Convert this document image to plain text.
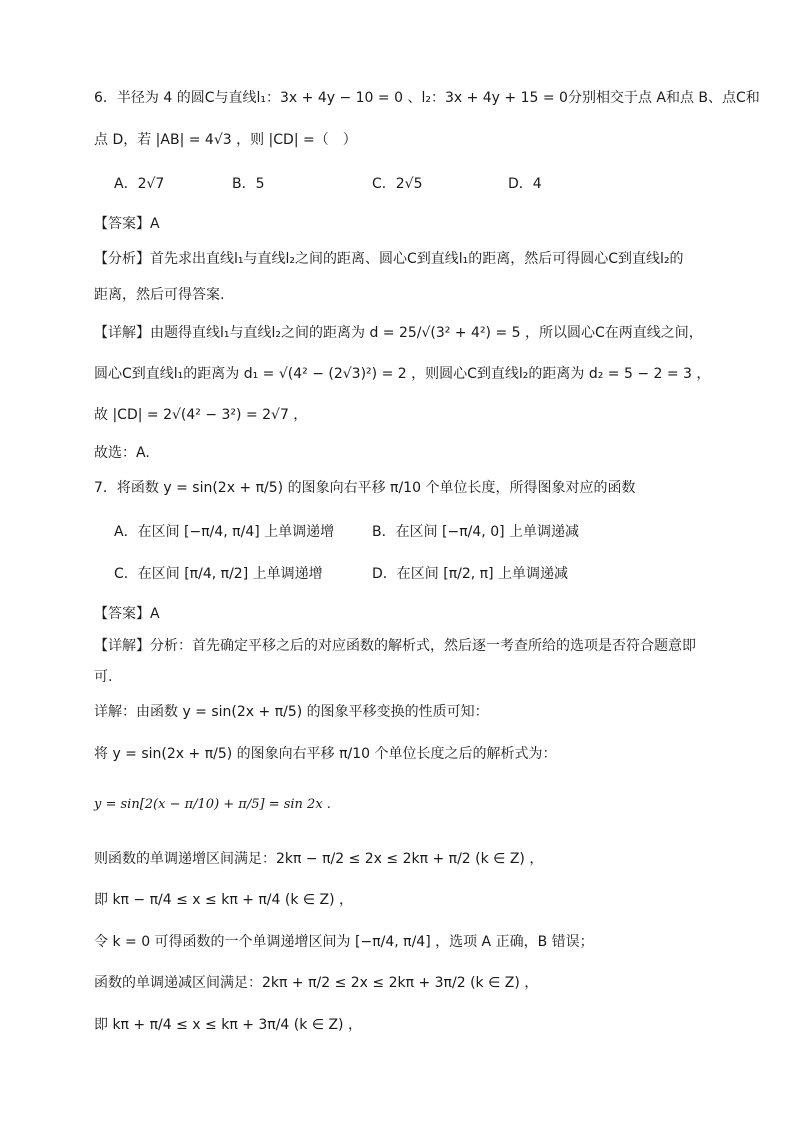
6．半径为 4 的圆C与直线l₁：3x + 4y − 10 = 0 、l₂：3x + 4y + 15 = 0分别相交于点 A和点 B、点C和
点 D，若 |AB| = 4√3 ，则 |CD| =（　）
A．2√7	B．5	C．2√5	D．4
【答案】A
【分析】首先求出直线l₁与直线l₂之间的距离、圆心C到直线l₁的距离，然后可得圆心C到直线l₂的
距离，然后可得答案.
【详解】由题得直线l₁与直线l₂之间的距离为 d = 25/√(3² + 4²) = 5 ，所以圆心C在两直线之间，
圆心C到直线l₁的距离为 d₁ = √(4² − (2√3)²) = 2 ，则圆心C到直线l₂的距离为 d₂ = 5 − 2 = 3 ，
故 |CD| = 2√(4² − 3²) = 2√7 ，
故选：A.
7．将函数 y = sin(2x + π/5) 的图象向右平移 π/10 个单位长度，所得图象对应的函数
A．在区间 [−π/4, π/4] 上单调递增	B．在区间 [−π/4, 0] 上单调递减
C．在区间 [π/4, π/2] 上单调递增	D．在区间 [π/2, π] 上单调递减
【答案】A
【详解】分析：首先确定平移之后的对应函数的解析式，然后逐一考查所给的选项是否符合题意即
可.
详解：由函数 y = sin(2x + π/5) 的图象平移变换的性质可知：
将 y = sin(2x + π/5) 的图象向右平移 π/10 个单位长度之后的解析式为：
y = sin[2(x − π/10) + π/5] = sin 2x .
则函数的单调递增区间满足：2kπ − π/2 ≤ 2x ≤ 2kπ + π/2 (k ∈ Z) ，
即 kπ − π/4 ≤ x ≤ kπ + π/4 (k ∈ Z) ，
令 k = 0 可得函数的一个单调递增区间为 [−π/4, π/4] ，选项 A 正确，B 错误；
函数的单调递减区间满足：2kπ + π/2 ≤ 2x ≤ 2kπ + 3π/2 (k ∈ Z) ，
即 kπ + π/4 ≤ x ≤ kπ + 3π/4 (k ∈ Z) ，
